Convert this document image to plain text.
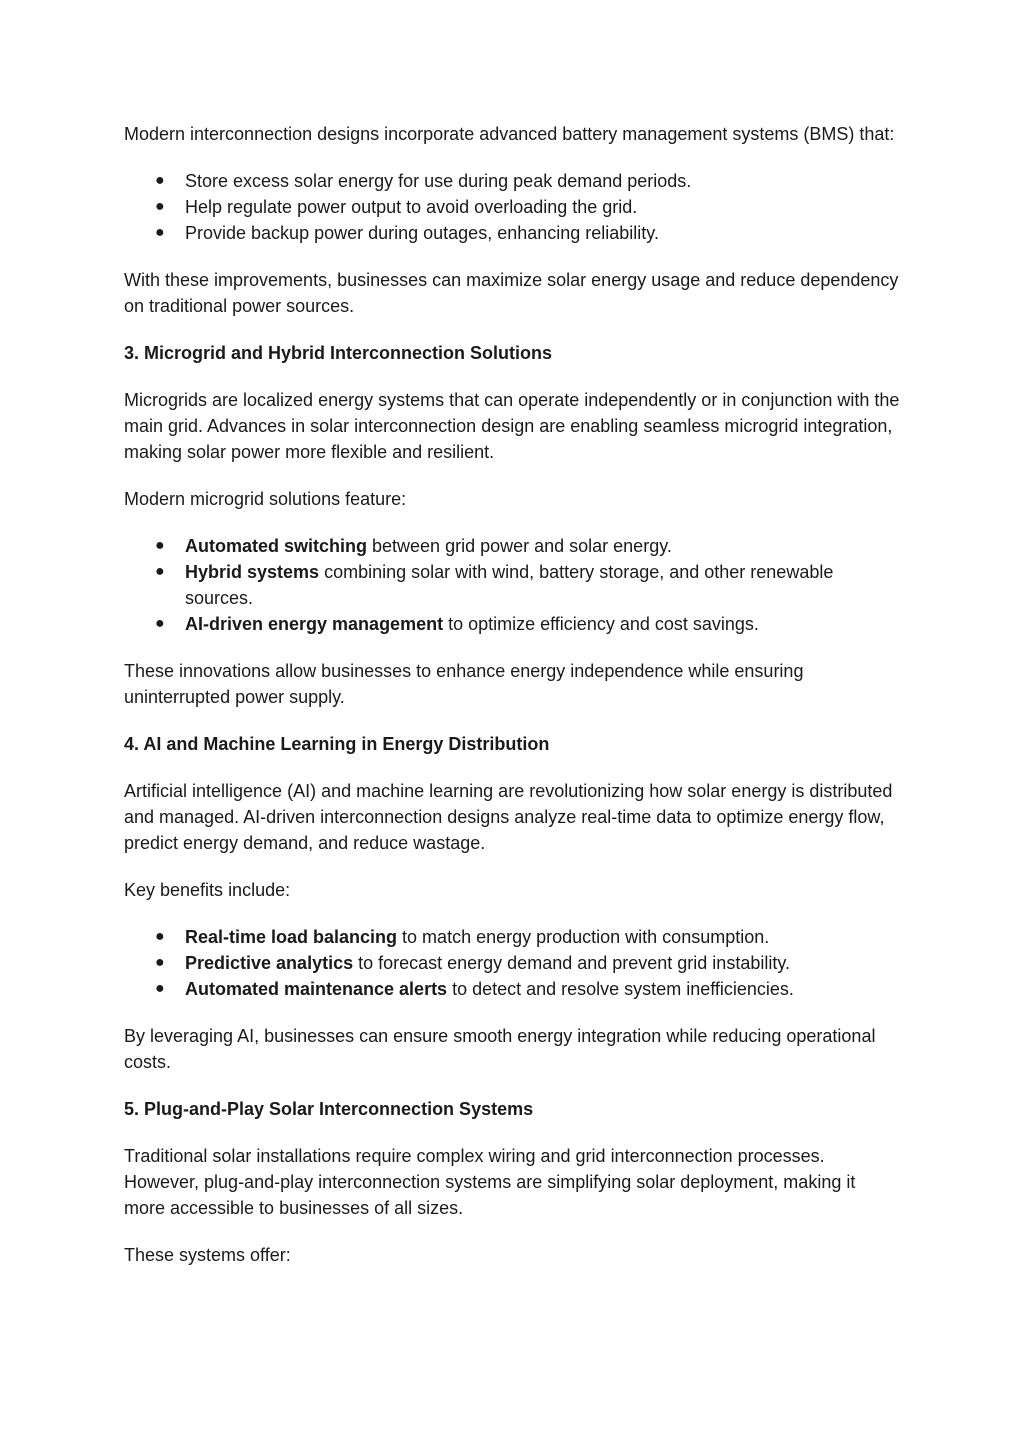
Modern interconnection designs incorporate advanced battery management systems (BMS) that:

● Store excess solar energy for use during peak demand periods.
● Help regulate power output to avoid overloading the grid.
● Provide backup power during outages, enhancing reliability.

With these improvements, businesses can maximize solar energy usage and reduce dependency on traditional power sources.

3. Microgrid and Hybrid Interconnection Solutions

Microgrids are localized energy systems that can operate independently or in conjunction with the main grid. Advances in solar interconnection design are enabling seamless microgrid integration, making solar power more flexible and resilient.

Modern microgrid solutions feature:

● Automated switching between grid power and solar energy.
● Hybrid systems combining solar with wind, battery storage, and other renewable sources.
● AI-driven energy management to optimize efficiency and cost savings.

These innovations allow businesses to enhance energy independence while ensuring uninterrupted power supply.

4. AI and Machine Learning in Energy Distribution

Artificial intelligence (AI) and machine learning are revolutionizing how solar energy is distributed and managed. AI-driven interconnection designs analyze real-time data to optimize energy flow, predict energy demand, and reduce wastage.

Key benefits include:

● Real-time load balancing to match energy production with consumption.
● Predictive analytics to forecast energy demand and prevent grid instability.
● Automated maintenance alerts to detect and resolve system inefficiencies.

By leveraging AI, businesses can ensure smooth energy integration while reducing operational costs.

5. Plug-and-Play Solar Interconnection Systems

Traditional solar installations require complex wiring and grid interconnection processes. However, plug-and-play interconnection systems are simplifying solar deployment, making it more accessible to businesses of all sizes.

These systems offer:
